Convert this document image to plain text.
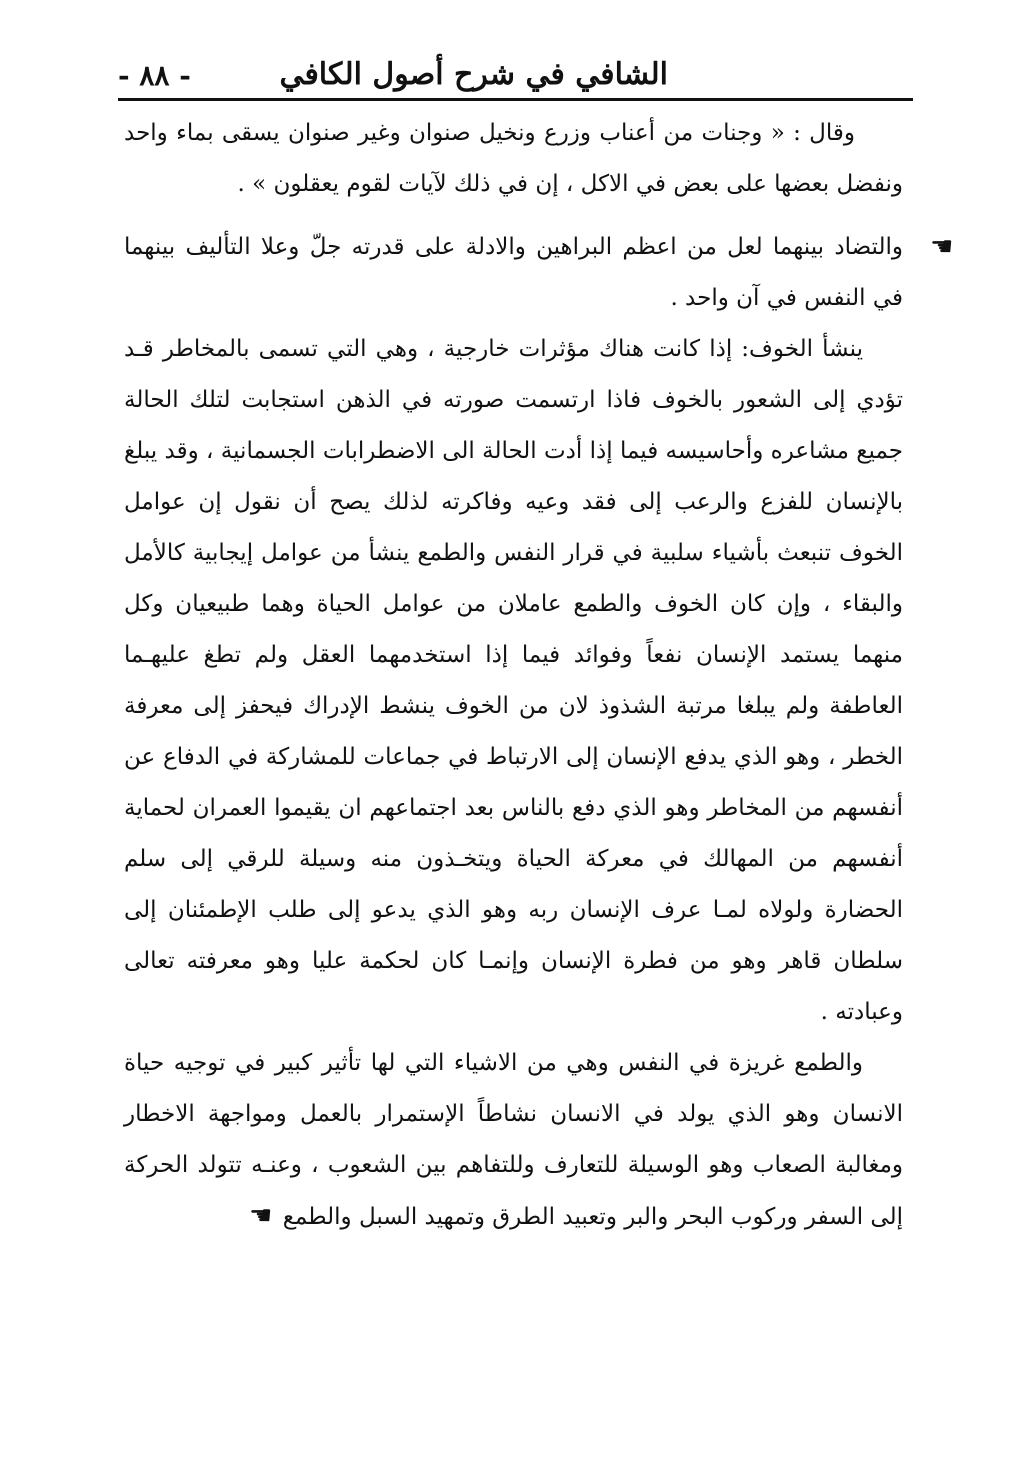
الشافي في شرح أصول الكافي
- ٨٨ -

وقال : « وجنات من أعناب وزرع ونخيل صنوان وغير صنوان يسقى بماء واحد ونفضل بعضها على بعض في الاكل ، إن في ذلك لآيات لقوم يعقلون » .

☛

والتضاد بينهما لعل من اعظم البراهين والادلة على قدرته جلّ وعلا التأليف بينهما في النفس في آن واحد .

ينشأ الخوف: إذا كانت هناك مؤثرات خارجية ، وهي التي تسمى بالمخاطر قـد تؤدي إلى الشعور بالخوف فاذا ارتسمت صورته في الذهن استجابت لتلك الحالة جميع مشاعره وأحاسيسه فيما إذا أدت الحالة الى الاضطرابات الجسمانية ، وقد يبلغ بالإنسان للفزع والرعب إلى فقد وعيه وفاكرته لذلك يصح أن نقول إن عوامل الخوف تنبعث بأشياء سلبية في قرار النفس والطمع ينشأ من عوامل إيجابية كالأمل والبقاء ، وإن كان الخوف والطمع عاملان من عوامل الحياة وهما طبيعيان وكل منهما يستمد الإنسان نفعاً وفوائد فيما إذا استخدمهما العقل ولم تطغ عليهـما العاطفة ولم يبلغا مرتبة الشذوذ لان من الخوف ينشط الإدراك فيحفز إلى معرفة الخطر ، وهو الذي يدفع الإنسان إلى الارتباط في جماعات للمشاركة في الدفاع عن أنفسهم من المخاطر وهو الذي دفع بالناس بعد اجتماعهم ان يقيموا العمران لحماية أنفسهم من المهالك في معركة الحياة ويتخـذون منه وسيلة للرقي إلى سلم الحضارة ولولاه لمـا عرف الإنسان ربه وهو الذي يدعو إلى طلب الإطمئنان إلى سلطان قاهر وهو من فطرة الإنسان وإنمـا كان لحكمة عليا وهو معرفته تعالى وعبادته .

والطمع غريزة في النفس وهي من الاشياء التي لها تأثير كبير في توجيه حياة الانسان وهو الذي يولد في الانسان نشاطاً الإستمرار بالعمل ومواجهة الاخطار ومغالبة الصعاب وهو الوسيلة للتعارف وللتفاهم بين الشعوب ، وعنـه تتولد الحركة إلى السفر وركوب البحر والبر وتعبيد الطرق وتمهيد السبل والطمع☛
